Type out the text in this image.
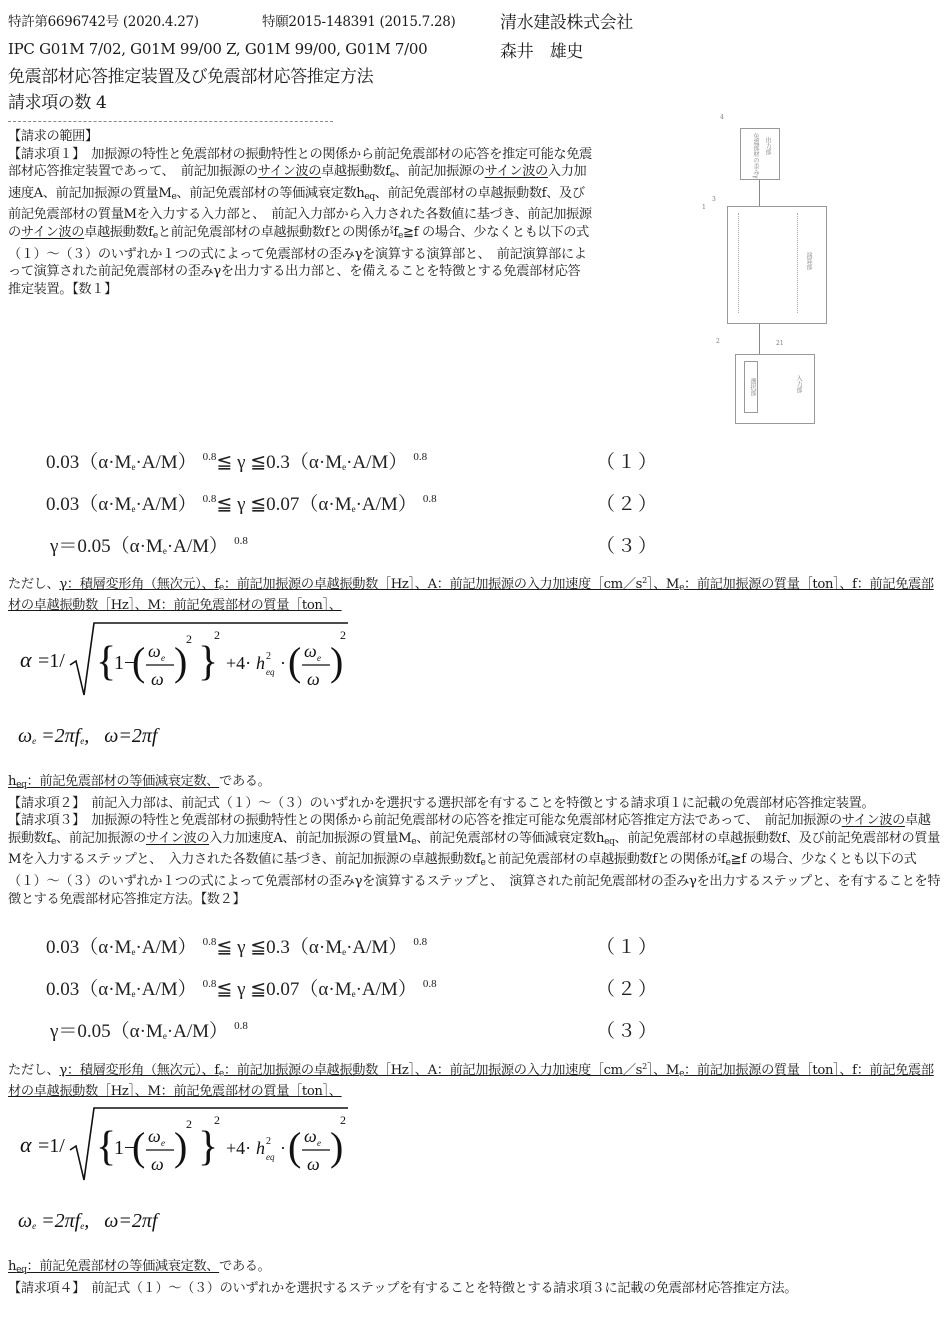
特許第6696742号 (2020.4.27)	特願2015-148391 (2015.7.28)	清水建設株式会社
IPC G01M 7/02, G01M 99/00 Z, G01M 99/00, G01M 7/00	森井　雄史
免震部材応答推定装置及び免震部材応答推定方法
請求項の数 4
【請求の範囲】
【請求項１】　加振源の特性と免震部材の振動特性との関係から前記免震部材の応答を推定可能な免震部材応答推定装置であって、　前記加振源のサイン波の卓越振動数$f_e$、前記加振源のサイン波の入力加速度A、前記加振源の質量$M_e$、前記免震部材の等価減衰定数$h_{eq}$、前記免震部材の卓越振動数f、及び前記免震部材の質量Mを入力する入力部と、　前記入力部から入力された各数値に基づき、前記加振源のサイン波の卓越振動数$f_e$と前記免震部材の卓越振動数fとの関係が$f_e≧f$ の場合、少なくとも以下の式（１）～（３）のいずれか１つの式によって免震部材の歪みγを演算する演算部と、　前記演算部によって演算された前記免震部材の歪みγを出力する出力部と、を備えることを特徴とする免震部材応答推定装置。【数１】
出力部
免震部材の歪みγ
演算部
入力部
選択部
4
1
3
2	21
$0.03(\alpha\cdot M_e\cdot A/M)$ $^{0.8}$≦ γ $≦0.3(\alpha\cdot M_e\cdot A/M)$ $^{0.8}$	（１）
$0.03(\alpha\cdot M_e\cdot A/M)$ $^{0.8}$≦ γ $≦0.07(\alpha\cdot M_e\cdot A/M)$ $^{0.8}$	（２）
$\gamma=0.05(\alpha\cdot M_e\cdot A/M)$ $^{0.8}$	（３）
ただし、γ：積層変形角（無次元）、$f_e$：前記加振源の卓越振動数［Hz］、A：前記加振源の入力加速度$[cm/s^2]$、$M_e$：前記加振源の質量［ton］、f：前記免震部材の卓越振動数［Hz］、M：前記免震部材の質量［ton］、
α =1/ {
1−
( ω e
ω )
2 }
2
+4· h 2
eq · ( ω e
ω )
2
$\omega_e =2\pi f_e$,   ω=2πf
$h_{eq}$：前記免震部材の等価減衰定数、である。
【請求項２】　前記入力部は、前記式（１）～（３）のいずれかを選択する選択部を有することを特徴とする請求項１に記載の免震部材応答推定装置。
【請求項３】　加振源の特性と免震部材の振動特性との関係から前記免震部材の応答を推定可能な免震部材応答推定方法であって、　前記加振源のサイン波の卓越振動数$f_e$、前記加振源のサイン波の入力加速度A、前記加振源の質量$M_e$、前記免震部材の等価減衰定数$h_{eq}$、前記免震部材の卓越振動数f、及び前記免震部材の質量Mを入力するステップと、　入力された各数値に基づき、前記加振源の卓越振動数$f_e$と前記免震部材の卓越振動数fとの関係が$f_e≧f$ の場合、少なくとも以下の式（１）～（３）のいずれか１つの式によって免震部材の歪みγを演算するステップと、　演算された前記免震部材の歪みγを出力するステップと、を有することを特徴とする免震部材応答推定方法。【数２】
$0.03(\alpha\cdot M_e\cdot A/M)$ $^{0.8}$≦ γ $≦0.3(\alpha\cdot M_e\cdot A/M)$ $^{0.8}$	（１）
$0.03(\alpha\cdot M_e\cdot A/M)$ $^{0.8}$≦ γ $≦0.07(\alpha\cdot M_e\cdot A/M)$ $^{0.8}$	（２）
$\gamma=0.05(\alpha\cdot M_e\cdot A/M)$ $^{0.8}$	（３）
ただし、γ：積層変形角（無次元）、$f_e$：前記加振源の卓越振動数［Hz］、A：前記加振源の入力加速度$[cm/s^2]$、$M_e$：前記加振源の質量［ton］、f：前記免震部材の卓越振動数［Hz］、M：前記免震部材の質量［ton］、
α =1/ {
1−
( ω e
ω )
2 }
2
+4· h 2
eq · ( ω e
ω )
2
$\omega_e =2\pi f_e$,   ω=2πf
$h_{eq}$：前記免震部材の等価減衰定数、である。
【請求項４】　前記式（１）～（３）のいずれかを選択するステップを有することを特徴とする請求項３に記載の免震部材応答推定方法。
